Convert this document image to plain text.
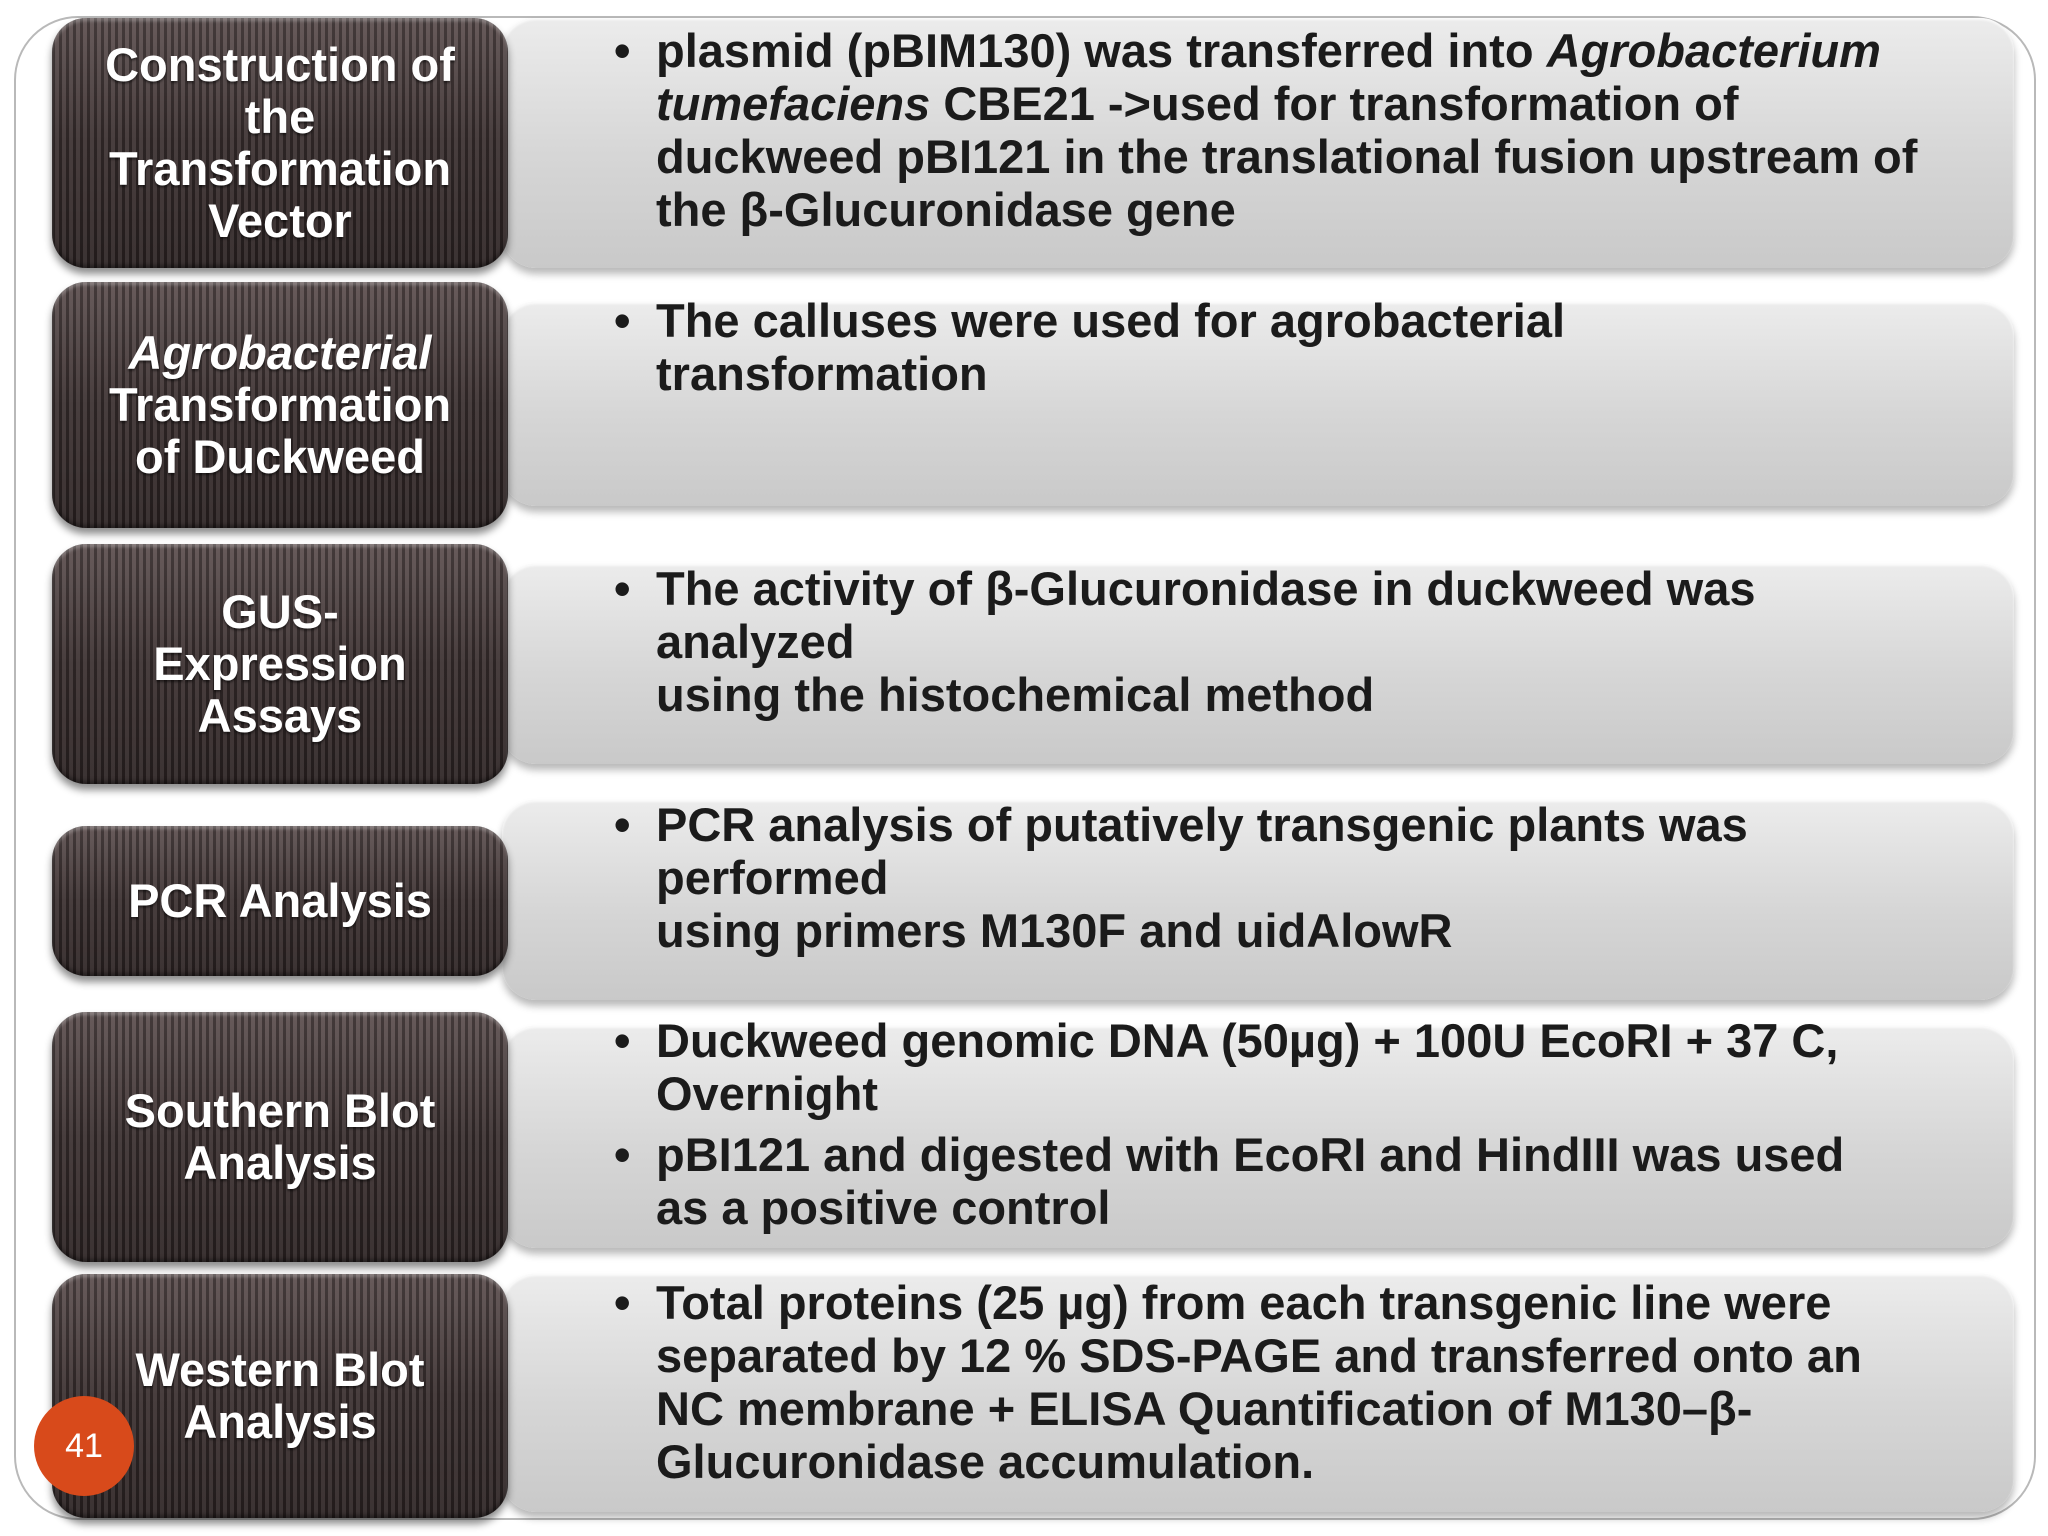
Construction of
the
Transformation
Vector
• plasmid (pBIM130) was transferred into Agrobacterium tumefaciens CBE21 ->used for transformation of duckweed pBI121 in the translational fusion upstream of the β-Glucuronidase gene
Agrobacterial
Transformation
of Duckweed
• The calluses were used for agrobacterial
transformation
GUS-
Expression
Assays
• The activity of β-Glucuronidase in duckweed was
analyzed
using the histochemical method
PCR Analysis
• PCR analysis of putatively transgenic plants was
performed
using primers M130F and uidAlowR
Southern Blot
Analysis
• Duckweed genomic DNA (50µg) + 100U EcoRI + 37 C,
Overnight
• pBI121 and digested with EcoRI and HindIII was used
as a positive control
Western Blot
Analysis
• Total proteins (25 µg) from each transgenic line were
separated by 12 % SDS-PAGE and transferred onto an
NC membrane + ELISA Quantification of M130–β-
Glucuronidase accumulation.
41
